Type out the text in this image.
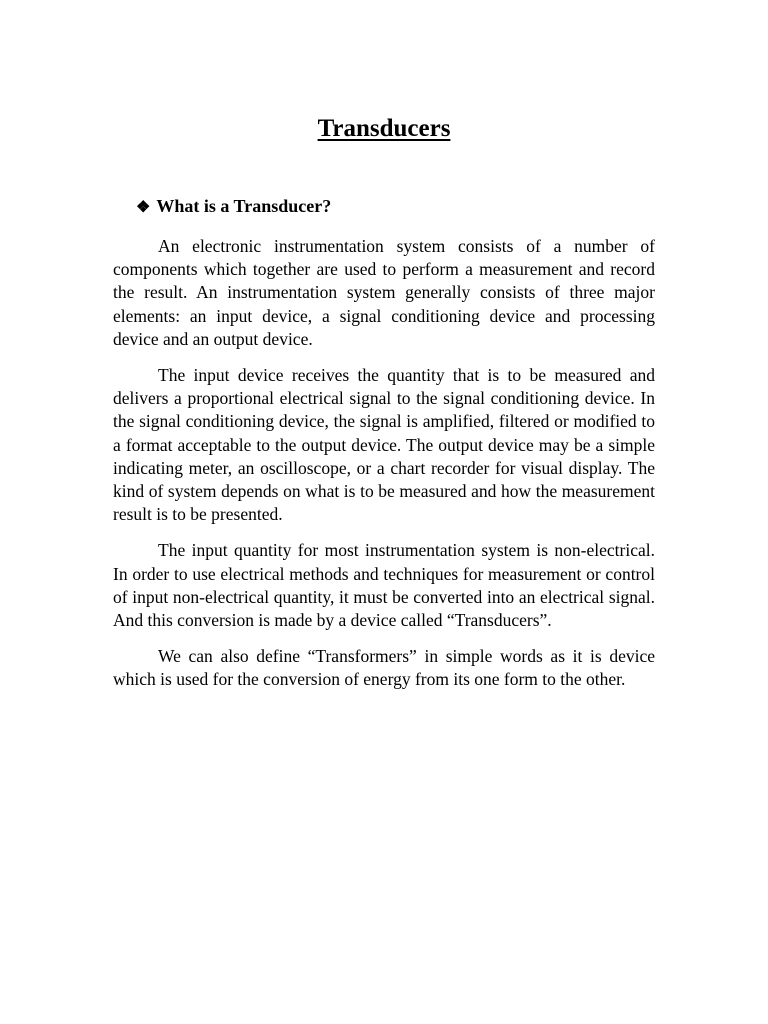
Transducers
❖ What is a Transducer?

An electronic instrumentation system consists of a number of components which together are used to perform a measurement and record the result. An instrumentation system generally consists of three major elements: an input device, a signal conditioning device and processing device and an output device.

The input device receives the quantity that is to be measured and delivers a proportional electrical signal to the signal conditioning device. In the signal conditioning device, the signal is amplified, filtered or modified to a format acceptable to the output device. The output device may be a simple indicating meter, an oscilloscope, or a chart recorder for visual display. The kind of system depends on what is to be measured and how the measurement result is to be presented.

The input quantity for most instrumentation system is non-electrical. In order to use electrical methods and techniques for measurement or control of input non-electrical quantity, it must be converted into an electrical signal. And this conversion is made by a device called “Transducers”.

We can also define “Transformers” in simple words as it is device which is used for the conversion of energy from its one form to the other.
